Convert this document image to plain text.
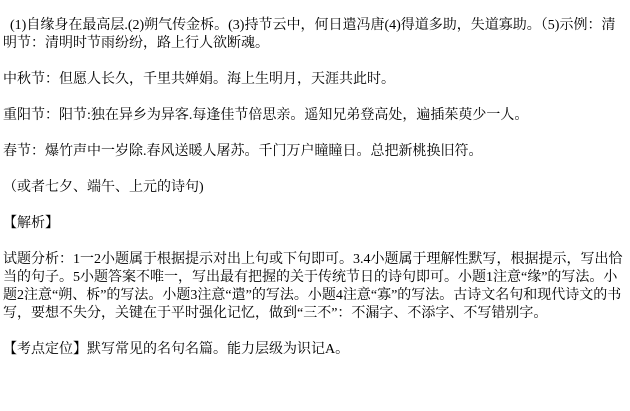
(1)自缘身在最高层.(2)朔气传金柝。(3)持节云中，何日遣冯唐(4)得道多助，失道寡助。（5)示例：清明节：清明时节雨纷纷，路上行人欲断魂。

中秋节：但愿人长久，千里共婵娟。海上生明月，天涯共此时。

重阳节：阳节:独在异乡为异客.每逢佳节倍思亲。遥知兄弟登高处，遍插茱萸少一人。

春节：爆竹声中一岁除.春风送暖人屠苏。千门万户瞳瞳日。总把新桃换旧符。

（或者七夕、端午、上元的诗句)

【解析】

试题分析：1一2小题属于根据提示对出上句或下句即可。3.4小题属于理解性默写，根据提示，写出恰当的句子。5小题答案不唯一，写出最有把握的关于传统节日的诗句即可。小题1注意“缘”的写法。小题2注意“朔、柝”的写法。小题3注意“遣”的写法。小题4注意“寡”的写法。古诗文名句和现代诗文的书写，要想不失分，关键在于平时强化记忆，做到“三不”：不漏字、不添字、不写错别字。

【考点定位】默写常见的名句名篇。能力层级为识记A。
